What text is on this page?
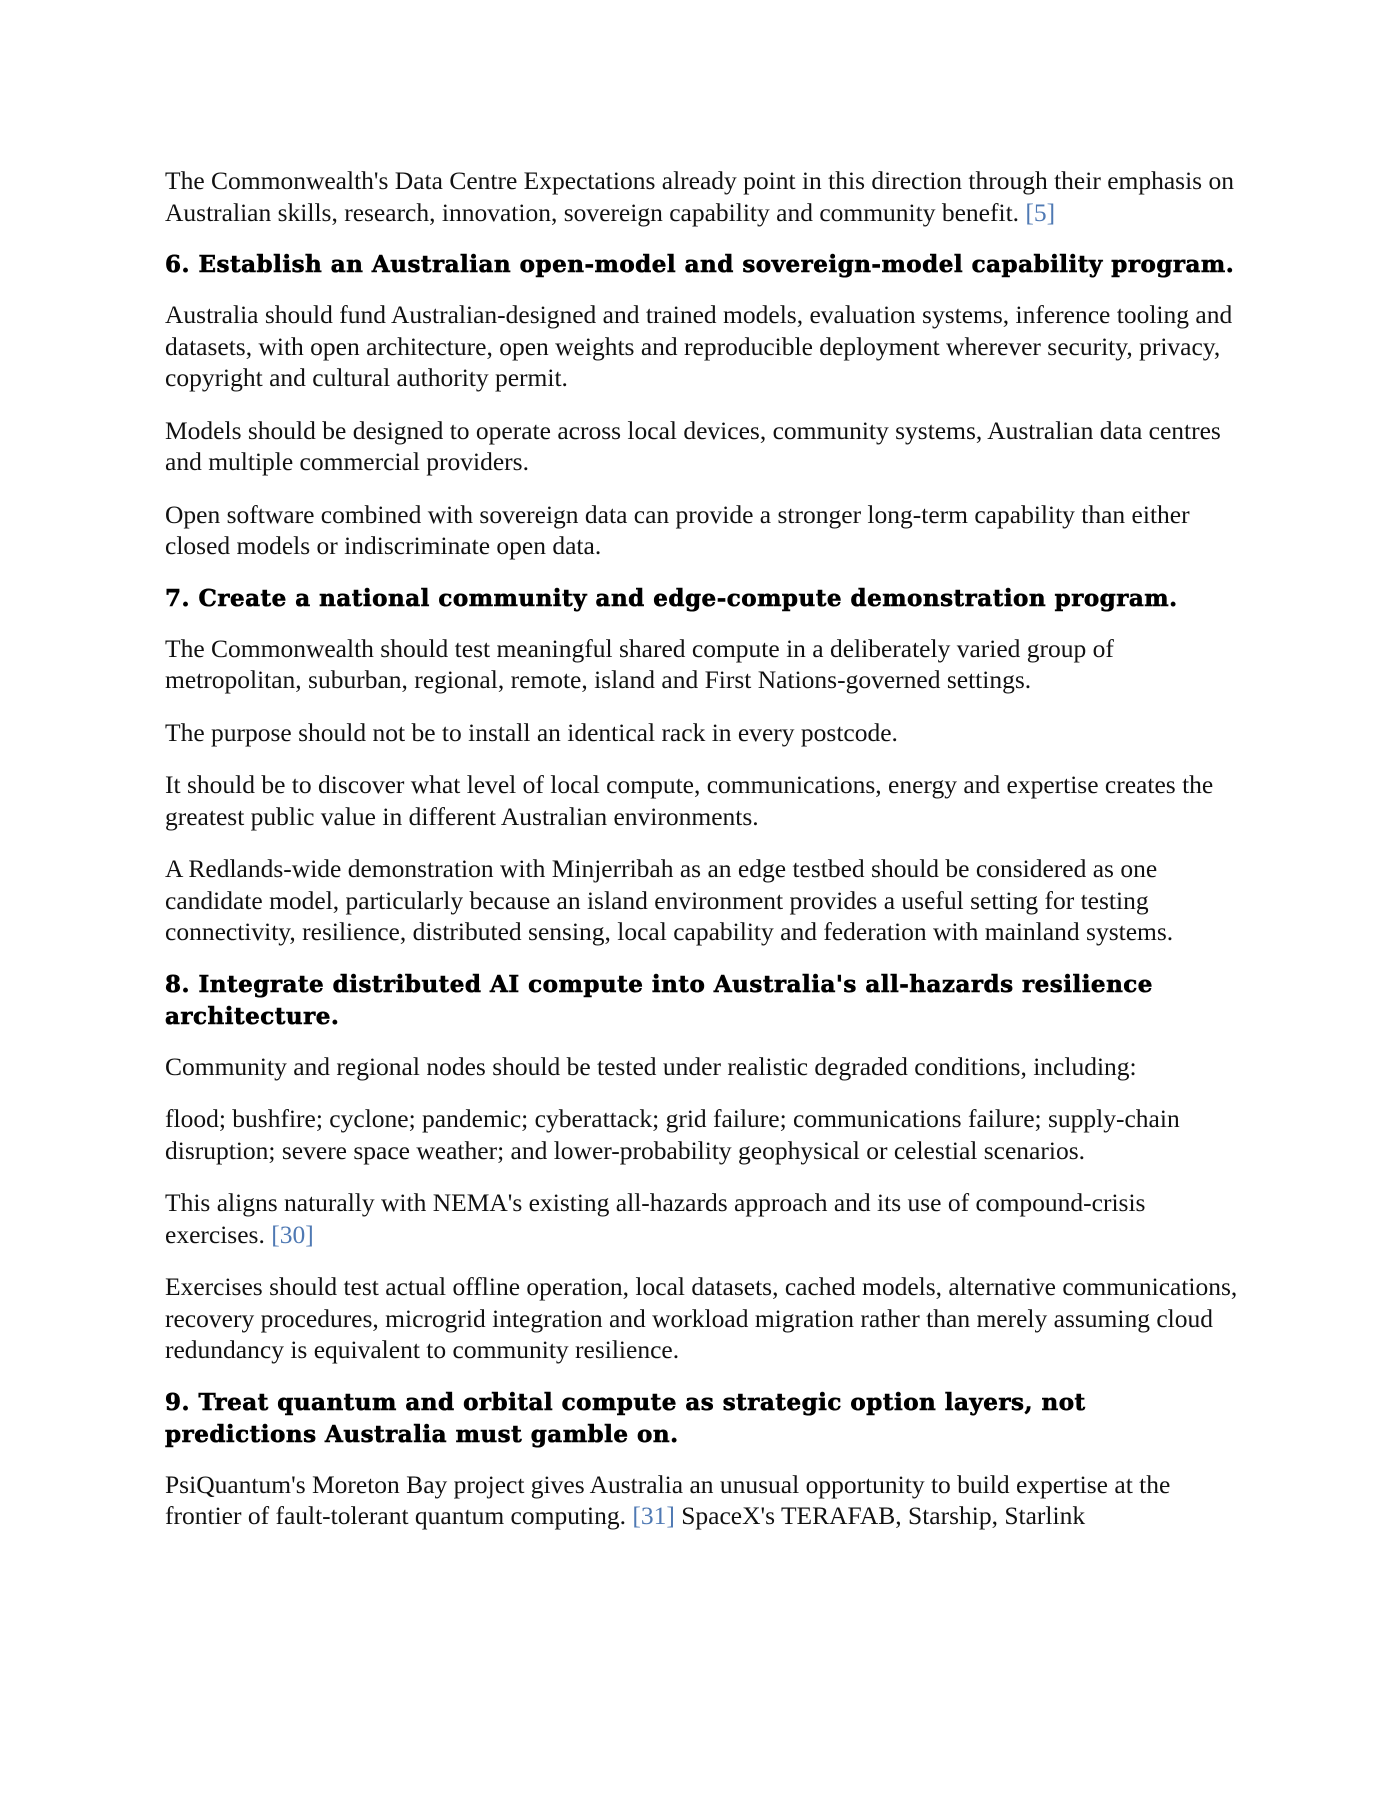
The Commonwealth's Data Centre Expectations already point in this direction through their emphasis on Australian skills, research, innovation, sovereign capability and community benefit. [5]

6. Establish an Australian open-model and sovereign-model capability program.

Australia should fund Australian-designed and trained models, evaluation systems, inference tooling and datasets, with open architecture, open weights and reproducible deployment wherever security, privacy, copyright and cultural authority permit.

Models should be designed to operate across local devices, community systems, Australian data centres and multiple commercial providers.

Open software combined with sovereign data can provide a stronger long-term capability than either closed models or indiscriminate open data.

7. Create a national community and edge-compute demonstration program.

The Commonwealth should test meaningful shared compute in a deliberately varied group of metropolitan, suburban, regional, remote, island and First Nations-governed settings.

The purpose should not be to install an identical rack in every postcode.

It should be to discover what level of local compute, communications, energy and expertise creates the greatest public value in different Australian environments.

A Redlands-wide demonstration with Minjerribah as an edge testbed should be considered as one candidate model, particularly because an island environment provides a useful setting for testing connectivity, resilience, distributed sensing, local capability and federation with mainland systems.

8. Integrate distributed AI compute into Australia's all-hazards resilience architecture.

Community and regional nodes should be tested under realistic degraded conditions, including:

flood; bushfire; cyclone; pandemic; cyberattack; grid failure; communications failure; supply-chain disruption; severe space weather; and lower-probability geophysical or celestial scenarios.

This aligns naturally with NEMA's existing all-hazards approach and its use of compound-crisis exercises. [30]

Exercises should test actual offline operation, local datasets, cached models, alternative communications, recovery procedures, microgrid integration and workload migration rather than merely assuming cloud redundancy is equivalent to community resilience.

9. Treat quantum and orbital compute as strategic option layers, not predictions Australia must gamble on.

PsiQuantum's Moreton Bay project gives Australia an unusual opportunity to build expertise at the frontier of fault-tolerant quantum computing. [31] SpaceX's TERAFAB, Starship, Starlink
